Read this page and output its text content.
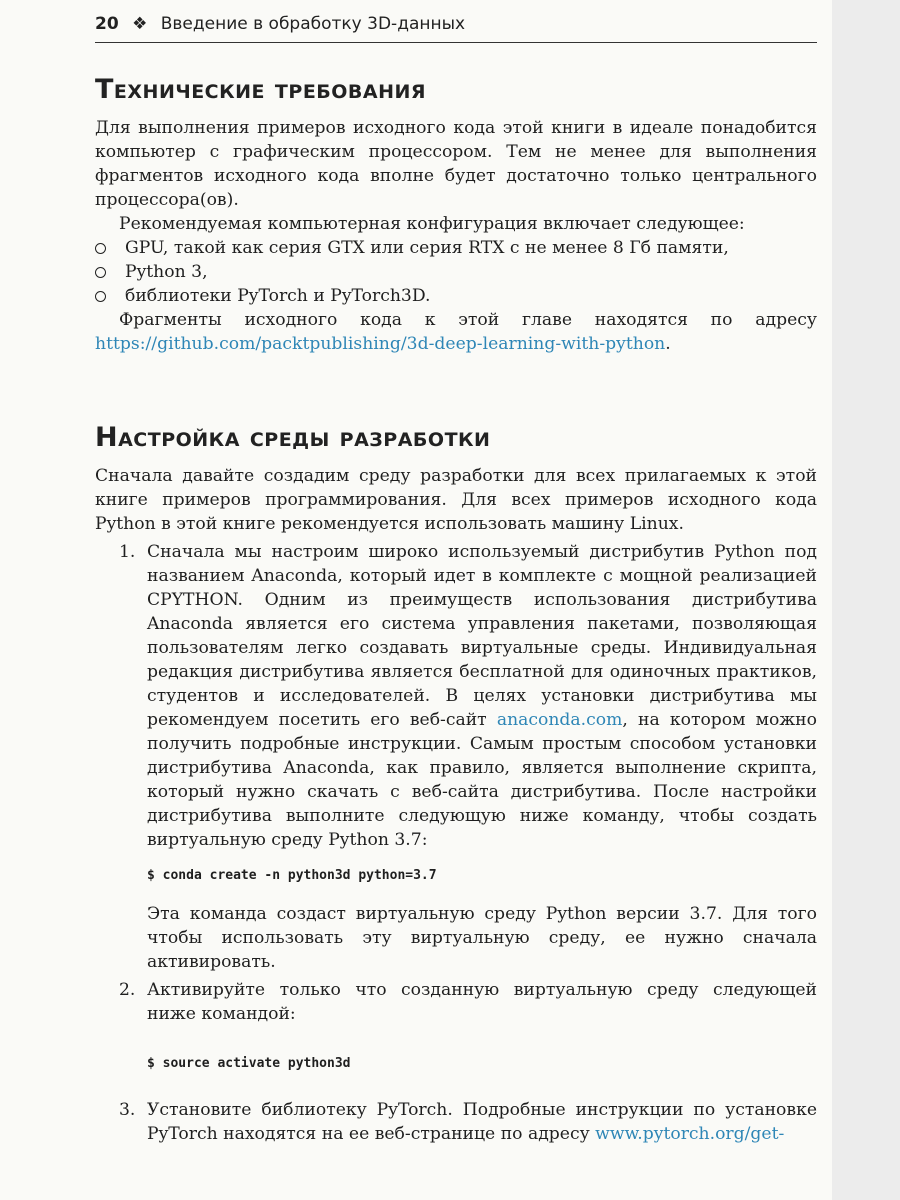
20 ❖ Введение в обработку 3D-данных
Технические требования

Для выполнения примеров исходного кода этой книги в идеале понадобится компьютер с графическим процессором. Тем не менее для выполнения фрагментов исходного кода вполне будет достаточно только центрального процессора(ов).

Рекомендуемая компьютерная конфигурация включает следующее:

GPU, такой как серия GTX или серия RTX с не менее 8 Гб памяти,
Python 3,
библиотеки PyTorch и PyTorch3D.

Фрагменты исходного кода к этой главе находятся по адресу https://github.com/packtpublishing/3d-deep-learning-with-python.

Настройка среды разработки

Сначала давайте создадим среду разработки для всех прилагаемых к этой книге примеров программирования. Для всех примеров исходного кода Python в этой книге рекомендуется использовать машину Linux.

1. Сначала мы настроим широко используемый дистрибутив Python под названием Anaconda, который идет в комплекте с мощной реализацией CPYTHON. Одним из преимуществ использования дистрибутива Anaconda является его система управления пакетами, позволяющая пользователям легко создавать виртуальные среды. Индивидуальная редакция дистрибутива является бесплатной для одиночных практиков, студентов и исследователей. В целях установки дистрибутива мы рекомендуем посетить его веб-сайт anaconda.com, на котором можно получить подробные инструкции. Самым простым способом установки дистрибутива Anaconda, как правило, является выполнение скрипта, который нужно скачать с веб-сайта дистрибутива. После настройки дистрибутива выполните следующую ниже команду, чтобы создать виртуальную среду Python 3.7:

$ conda create -n python3d python=3.7

Эта команда создаст виртуальную среду Python версии 3.7. Для того чтобы использовать эту виртуальную среду, ее нужно сначала активировать.

2. Активируйте только что созданную виртуальную среду следующей ниже командой:

$ source activate python3d
3. Установите библиотеку PyTorch. Подробные инструкции по установке PyTorch находятся на ее веб-странице по адресу www.pytorch.org/get-
